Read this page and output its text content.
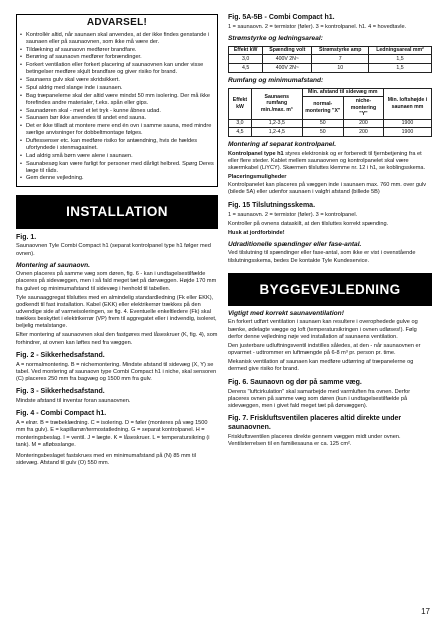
ADVARSEL!
• Kontrollér altid, når saunaen skal anvendes, at der ikke findes genstande i saunaen eller på saunaovnen, som ikke må være der.
• Tildækning af saunaovn medfører brandfare.
• Berøring af saunaovn medfører forbrændinger.
• Forkert ventilation eller forkert placering af saunaovnen kan under visse betingelser medføre skjult brandfare og giver risiko for brand.
• Saunaens gulv skal være skridsikkert.
• Spul aldrig med slange inde i saunaen.
• Bag træpanelerne skal der altid være mindst 50 mm isolering. Der må ikke forefindes andre materialer, f.eks. spån eller gips.
• Saunadøren skal - med et let tryk - kunne åbnes udad.
• Saunaen bør ikke anvendes til andet end sauna.
• Det er ikke tilladt at montere mere end én ovn i samme sauna, med mindre særlige anvisninger for dobbeltmontage følges.
• Duftessenser etc. kan medføre risiko for antændning, hvis de hældes ufortyndede i stenmagasinet.
• Lad aldrig små børn være alene i saunaen.
• Saunabesøg kan være farligt for personer med dårligt helbred. Spørg Deres læge til råds.
• Gem denne vejledning.
INSTALLATION
Fig. 1.

Saunaovnen Tyle Combi Compact h1 (separat kontrolpanel type h1 følger med ovnen).

Montering af saunaovn.

Ovnen placeres på samme væg som døren, fig. 6 - kan i undtagelsestilfælde placeres på sidevæggen, men i så fald meget tæt på dørvæggen. Højde 170 mm fra gulvet og minimumafstand til sidevæg i henhold til tabellen.

Tyle saunaaggregat tilsluttes med en almindelig standardledning (Fk eller EKK), godkendt til fast installation. Kabel (EKK) eller elektrikerrør trækkes på den udvendige side af varmeisoleringen, se fig. 4. Eventuelle enkeltledere (Fk) skal trækkes beskyttet i elektrikerrør (VP) frem til aggregatet eller i indvendig, isoleret, beljelig metalstange.

Efter montering af saunaovnen skal den fastgøres med låseskruer (K, fig. 4), som forhindrer, at ovnen kan løftes ned fra væggen.

Fig. 2 - Sikkerhedsafstand.

A = normalmontering. B = nichemontering. Mindste afstand til sidevæg (X, Y) se tabel. Ved montering af saunaovn type Combi Compact h1 i niche, skal sensoren (C) placeres 250 mm fra bagvæg og 1500 mm fra gulv.

Fig. 3 - Sikkerhedsafstand.

Mindste afstand til inventar foran saunaovnen.

Fig. 4 - Combi Compact h1.

A = elrør. B = træbeklædning. C = isolering. D = føler (monteres på væg 1500 mm fra gulv). E = kapillarrør/termostatledning. G = separat kontrolpanel. H = monteringsbeslag. I = ventil. J = lægte. K = låseskruer. L = temperatursikring (i tank). M = afløbsslange.

Monteringsbeslaget fastskrues med en minimumafstand på (N) 85 mm til sidevæg. Afstand til gulv (O) 550 mm.

Fig. 5A-5B - Combi Compact h1.

1 = saunaovn. 2 = termistor (føler). 3 = kontrolpanel. h1. 4 = hovedtavle.

Strømstyrke og ledningsareal:
Effekt kW	Spænding volt	Strømstyrke amp	Ledningsareal mm²
3,0	400V 2N~	7	1,5
4,5	400V 2N~	10	1,5
Rumfang og minimumafstand:
Effekt kW	Saunaens rumfang min./max. m³	Min. afstand til sidevæg mm		Min. loftshøjde i saunaen mm
		normal-montering "X"	niche-montering "Y"	
3,0	1,2-3,5	50	200	1900
4,5	1,2-4,5	50	200	1900
Montering af separat kontrolpanel.

Kontrolpanel type h1 styres elektronisk og er forberedt til fjernbetjening fra et eller flere steder. Kablet mellem saunaovnen og kontrolpanelet skal være skærmkabel (LiYCY). Skærmen tilsluttes klemme nr. 12 i h1, se koblingsskema.

Placeringsmuligheder

Kontrolpanelet kan placeres på væggen inde i saunaen max. 760 mm. over gulv (bilede 5A) eller udenfor saunaen i valgfri afstand (billede 5B)

Fig. 15 Tilslutningsskema.

1 = saunaovn. 2 = termistor (føler). 3 = kontrolpanel.

Kontroller på ovnens dataskilt, at den tilsluttes korrekt spænding.

Husk at jordforbinde!

Udraditionelle spændinger eller fase-antal.

Ved tilslutning til spændinger eller fase-antal, som ikke er vist i ovenstående tilslutningsskema, bedes De kontakte Tyle Kundeservice.

BYGGEVEJLEDNING
Vigtigt med korrekt saunaventilation!

En forkert udført ventilation i saunaen kan resultere i overophedede gulve og bænke, ødelagte vægge og loft (temperatursikringen i ovnen udløses!). Følg derfor denne vejledning nøje ved installation af saunaens ventilation.

Den justerbare udluftningsventil indstilles således, at den - når saunaovnen er opvarmet - udtrommer en luftmængde på 6-8 m³ pr. person pr. time.

Mekanisk ventilation af saunaen kan medføre udtørring af træpanelerne og dermed give risiko for brand.

Fig. 6. Saunaovn og dør på samme væg.

Derens "luftcirkulation" skal samarbejde med varmluften fra ovnen. Derfor placeres ovnen på samme væg som døren (kun i undtagelsestilfælde på sidevæggen, men i givet fald meget tæt på dørvæggen).

Fig. 7. Friskluftsventilen placeres altid direkte under saunaovnen.

Friskluftsventilen placeres direkte gennem væggen midt under ovnen. Ventilsterrelsen til en familiesauna er ca. 125 cm².

17
